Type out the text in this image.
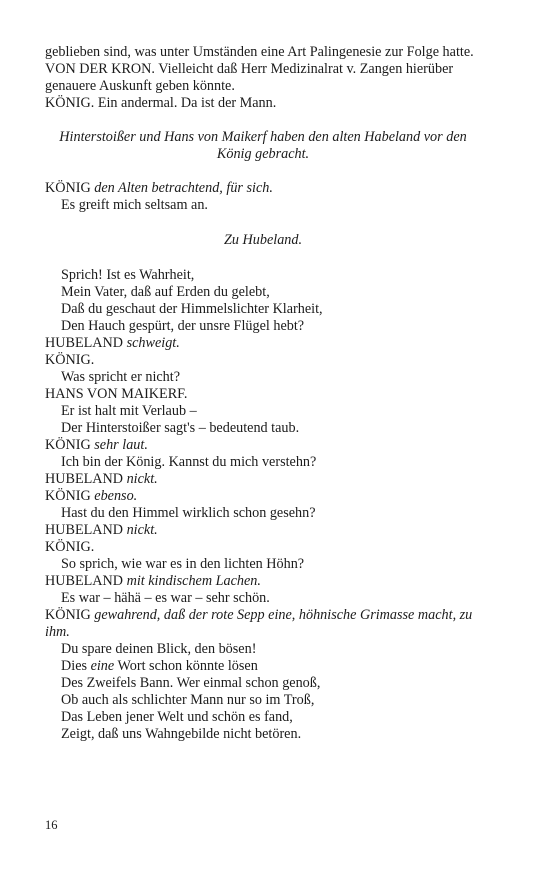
geblieben sind, was unter Umständen eine Art Palingenesie zur Folge hatte.
VON DER KRON. Vielleicht daß Herr Medizinalrat v. Zangen hierüber genauere Auskunft geben könnte.
KÖNIG. Ein andermal. Da ist der Mann.
Hinterstoißer und Hans von Maikerf haben den alten Habeland vor den König gebracht.
KÖNIG den Alten betrachtend, für sich.
Es greift mich seltsam an.
Zu Hubeland.
Sprich! Ist es Wahrheit,
Mein Vater, daß auf Erden du gelebt,
Daß du geschaut der Himmelslichter Klarheit,
Den Hauch gespürt, der unsre Flügel hebt?
HUBELAND schweigt.
KÖNIG.
Was spricht er nicht?
HANS VON MAIKERF.
Er ist halt mit Verlaub –
Der Hinterstoißer sagt's – bedeutend taub.
KÖNIG sehr laut.
Ich bin der König. Kannst du mich verstehn?
HUBELAND nickt.
KÖNIG ebenso.
Hast du den Himmel wirklich schon gesehn?
HUBELAND nickt.
KÖNIG.
So sprich, wie war es in den lichten Höhn?
HUBELAND mit kindischem Lachen.
Es war – hähä – es war – sehr schön.
KÖNIG gewahrend, daß der rote Sepp eine, höhnische Grimasse macht, zu ihm.
Du spare deinen Blick, den bösen!
Dies eine Wort schon könnte lösen
Des Zweifels Bann. Wer einmal schon genoß,
Ob auch als schlichter Mann nur so im Troß,
Das Leben jener Welt und schön es fand,
Zeigt, daß uns Wahngebilde nicht betören.
16
